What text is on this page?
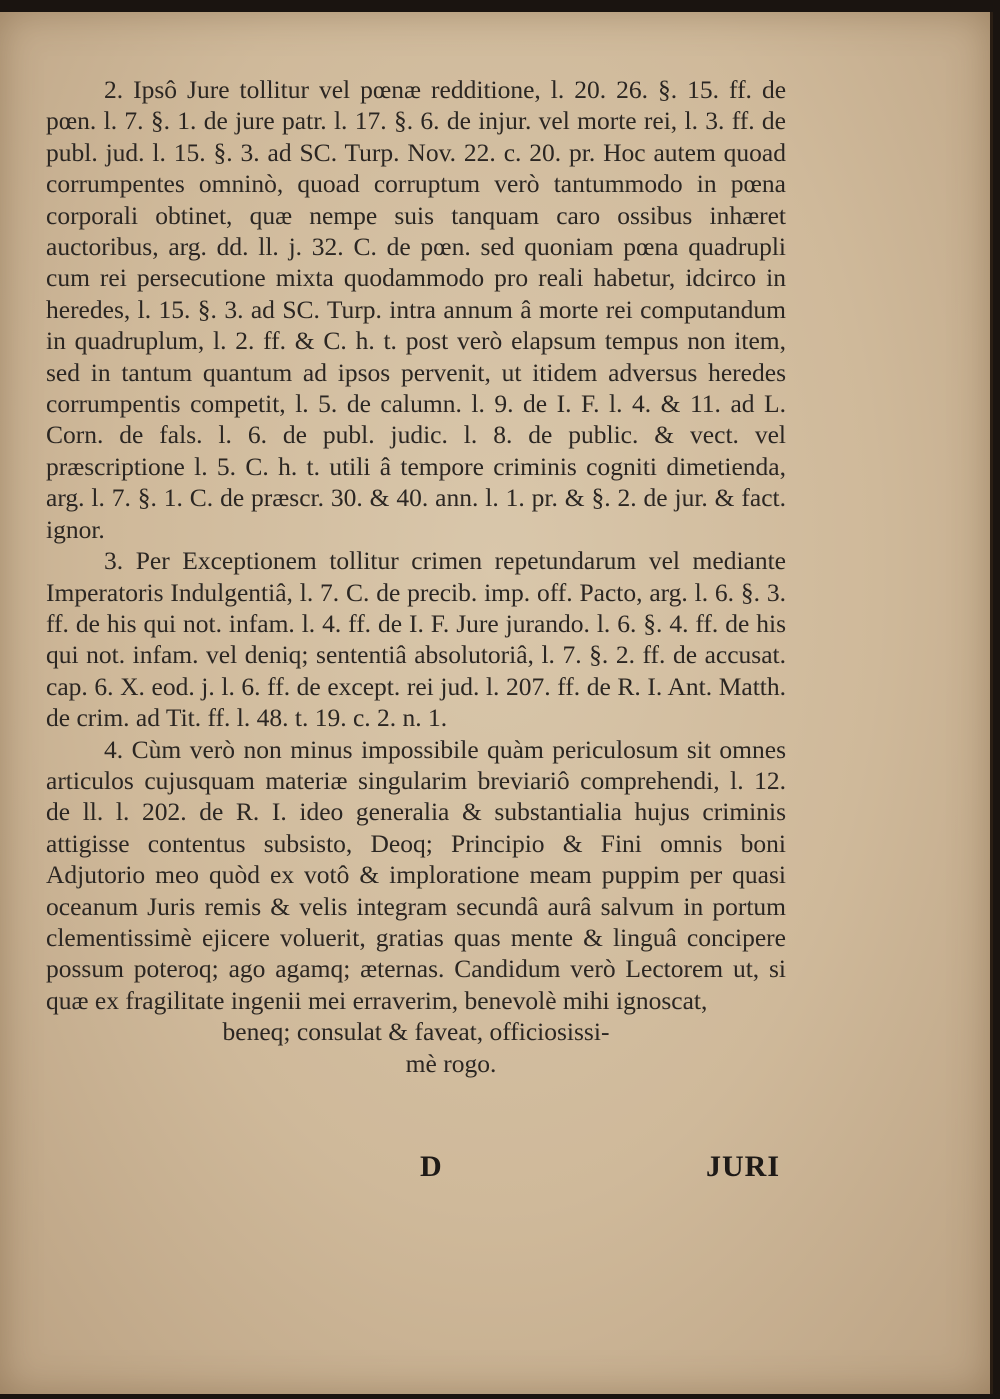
2. Ipsô Jure tollitur vel pœnæ redditione, l. 20. 26. §. 15. ff. de pœn. l. 7. §. 1. de jure patr. l. 17. §. 6. de injur. vel morte rei, l. 3. ff. de publ. jud. l. 15. §. 3. ad SC. Turp. Nov. 22. c. 20. pr. Hoc autem quoad corrumpentes omninò, quoad corruptum verò tantummodo in pœna corporali obtinet, quæ nempe suis tanquam caro ossibus inhæret auctoribus, arg. dd. ll. j. 32. C. de pœn. sed quoniam pœna quadrupli cum rei persecutione mixta quodammodo pro reali habetur, idcirco in heredes, l. 15. §. 3. ad SC. Turp. intra annum â morte rei computandum in quadruplum, l. 2. ff. & C. h. t. post verò elapsum tempus non item, sed in tantum quantum ad ipsos pervenit, ut itidem adversus heredes corrumpentis competit, l. 5. de calumn. l. 9. de I. F. l. 4. & 11. ad L. Corn. de fals. l. 6. de publ. judic. l. 8. de public. & vect. vel præscriptione l. 5. C. h. t. utili â tempore criminis cogniti dimetienda, arg. l. 7. §. 1. C. de præscr. 30. & 40. ann. l. 1. pr. & §. 2. de jur. & fact. ignor.

3. Per Exceptionem tollitur crimen repetundarum vel mediante Imperatoris Indulgentiâ, l. 7. C. de precib. imp. off. Pacto, arg. l. 6. §. 3. ff. de his qui not. infam. l. 4. ff. de I. F. Jure jurando. l. 6. §. 4. ff. de his qui not. infam. vel deniq; sententiâ absolutoriâ, l. 7. §. 2. ff. de accusat. cap. 6. X. eod. j. l. 6. ff. de except. rei jud. l. 207. ff. de R. I. Ant. Matth. de crim. ad Tit. ff. l. 48. t. 19. c. 2. n. 1.

4. Cùm verò non minus impossibile quàm periculosum sit omnes articulos cujusquam materiæ singularim breviariô comprehendi, l. 12. de ll. l. 202. de R. I. ideo generalia & substantialia hujus criminis attigisse contentus subsisto, Deoq; Principio & Fini omnis boni Adjutorio meo quòd ex votô & imploratione meam puppim per quasi oceanum Juris remis & velis integram secundâ aurâ salvum in portum clementissimè ejicere voluerit, gratias quas mente & linguâ concipere possum poteroq; ago agamq; æternas. Candidum verò Lectorem ut, si quæ ex fragilitate ingenii mei erraverim, benevolè mihi ignoscat,

beneq; consulat & faveat, officiosissi-
mè rogo.

D	JURI
